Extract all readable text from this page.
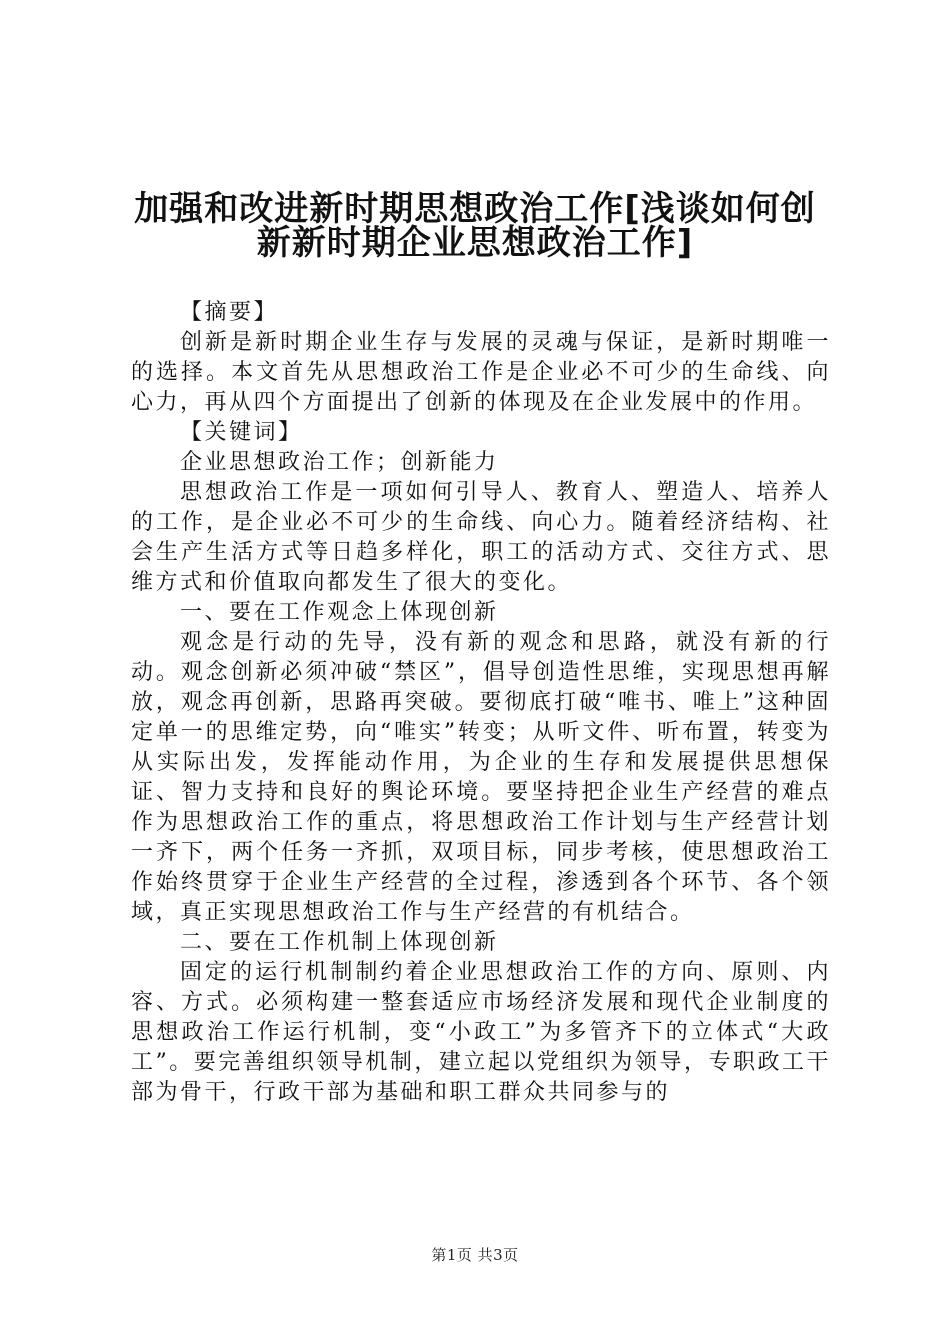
加强和改进新时期思想政治工作[浅谈如何创
新新时期企业思想政治工作]

【摘要】

创新是新时期企业生存与发展的灵魂与保证，是新时期唯一的选择。本文首先从思想政治工作是企业必不可少的生命线、向心力，再从四个方面提出了创新的体现及在企业发展中的作用。

【关键词】

企业思想政治工作；创新能力

思想政治工作是一项如何引导人、教育人、塑造人、培养人的工作，是企业必不可少的生命线、向心力。随着经济结构、社会生产生活方式等日趋多样化，职工的活动方式、交往方式、思维方式和价值取向都发生了很大的变化。

一、要在工作观念上体现创新

观念是行动的先导，没有新的观念和思路，就没有新的行动。观念创新必须冲破“禁区”，倡导创造性思维，实现思想再解放，观念再创新，思路再突破。要彻底打破“唯书、唯上”这种固定单一的思维定势，向“唯实”转变；从听文件、听布置，转变为从实际出发，发挥能动作用，为企业的生存和发展提供思想保证、智力支持和良好的舆论环境。要坚持把企业生产经营的难点作为思想政治工作的重点，将思想政治工作计划与生产经营计划一齐下，两个任务一齐抓，双项目标，同步考核，使思想政治工作始终贯穿于企业生产经营的全过程，渗透到各个环节、各个领域，真正实现思想政治工作与生产经营的有机结合。

二、要在工作机制上体现创新

固定的运行机制制约着企业思想政治工作的方向、原则、内容、方式。必须构建一整套适应市场经济发展和现代企业制度的思想政治工作运行机制，变“小政工”为多管齐下的立体式“大政工”。要完善组织领导机制，建立起以党组织为领导，专职政工干部为骨干，行政干部为基础和职工群众共同参与的

第1页 共3页
